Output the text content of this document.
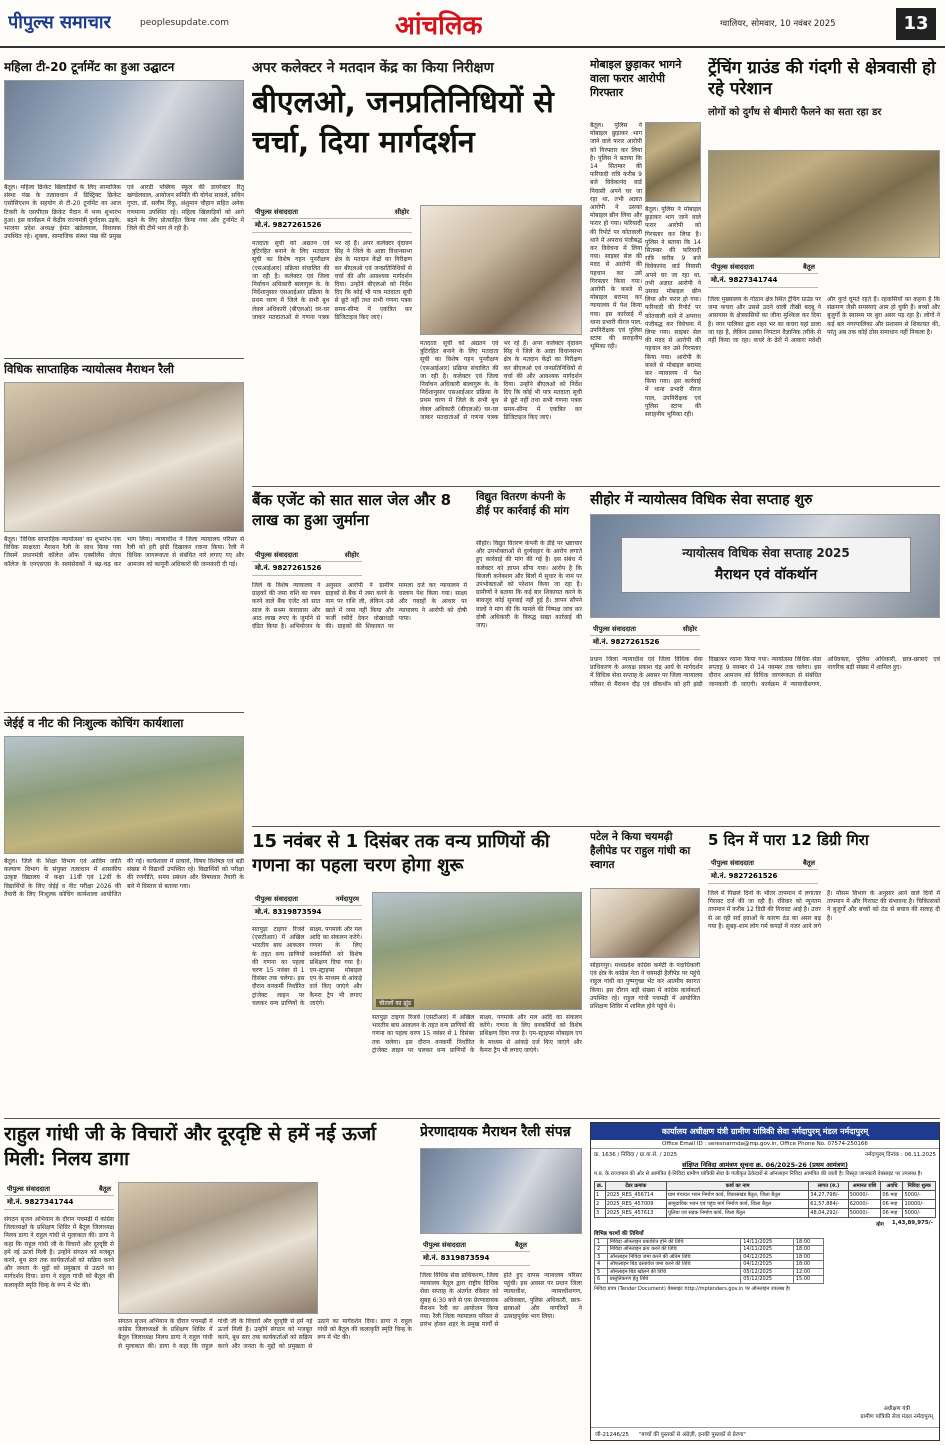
पीपुल्स समाचार	peoplesupdate.com	आंचलिक	ग्वालियर, सोमवार, 10 नवंबर 2025	13
महिला टी-20 टूर्नामेंट का हुआ उद्घाटन
बैतूल। महिला क्रिकेट खिलाड़ियों के लिए सामाजिक संस्था पंख के तत्वावधान में डिस्ट्रिक्ट क्रिकेट एसोसिएशन के सहयोग से टी-20 टूर्नामेंट का आज टिकरी के एसपीएस क्रिकेट मैदान में भव्य शुभारंभ हुआ। इस कार्यक्रम में केंद्रीय राज्यमंत्री दुर्गादास उइके, भाजपा प्रदेश अध्यक्ष हेमंत खंडेलवाल, विधायक उपस्थित रहे। शुक्ला, सामाजिक संस्था पंख की प्रमुख एवं आरडी पब्लिक स्कूल की डायरेक्टर रितु खण्डेलवाल, आयोजन समिति की योगेश सावले, सचिन गुप्ता, डॉ. सलीम रिंकू, अंशुमान चौहान सहित अनेक गणमान्य उपस्थित रहे। महिला खिलाड़ियों को आगे बढ़ने के लिए प्रोत्साहित किया गया और टूर्नामेंट में जिले की टीमें भाग ले रही हैं।
विधिक साप्ताहिक न्यायोत्सव मैराथन रैली
बैतूल। 'विधिक साप्ताहिक न्यायोत्सव' का शुभारंभ एक विधिक साक्षरता मैराथन रैली के साथ किया गया जिसमें प्रधानमंत्री कॉलेज ऑफ एक्सीलेंस जेएच कॉलेज के एनएसएस के स्वयंसेवकों ने बढ़-चढ़ कर भाग लिया। न्यायाधीश ने जिला न्यायालय परिसर से रैली को हरी झंडी दिखाकर रवाना किया। रैली में विधिक जागरूकता से संबंधित नारे लगाए गए और आमजन को कानूनी अधिकारों की जानकारी दी गई।
जेईई व नीट की निःशुल्क कोचिंग कार्यशाला
बैतूल। जिले के शिक्षा विभाग एवं आदिम जाति कल्याण विभाग के संयुक्त तत्वाधान में शासकीय उत्कृष्ट विद्यालय में कक्षा 11वीं एवं 12वीं के विद्यार्थियों के लिए जेईई व नीट परीक्षा 2026 की तैयारी के लिए निःशुल्क कोचिंग कार्यशाला आयोजित की गई। कार्यशाला में प्राचार्य, विषय विशेषज्ञ एवं बड़ी संख्या में विद्यार्थी उपस्थित रहे। विद्यार्थियों को परीक्षा की रणनीति, समय प्रबंधन और विषयवार तैयारी के बारे में विस्तार से बताया गया।
अपर कलेक्टर ने मतदान केंद्र का किया निरीक्षण
बीएलओ, जनप्रतिनिधियों से चर्चा, दिया मार्गदर्शन
पीपुल्स संवाददाता	सीहोर
मो.नं. 9827261526
मतदाता सूची को अद्यतन एवं त्रुटिरहित बनाने के लिए मतदाता सूची का विशेष गहन पुनरीक्षण (एसआईआर) प्रक्रिया संचालित की जा रही है। कलेक्टर एवं जिला निर्वाचन अधिकारी बालागुरू के. के निर्देशानुसार एसआईआर प्रक्रिया के प्रथम चरण में जिले के सभी बूथ लेवल अधिकारी (बीएलओ) घर-घर जाकर मतदाताओं से गणना पत्रक भर रहे हैं। अपर कलेक्टर वृंदावन सिंह ने जिले के आष्टा विधानसभा क्षेत्र के मतदान केंद्रों का निरीक्षण कर बीएलओ एवं जनप्रतिनिधियों से चर्चा की और आवश्यक मार्गदर्शन दिया। उन्होंने बीएलओ को निर्देश दिए कि कोई भी पात्र मतदाता सूची से छूटे नहीं तथा सभी गणना पत्रक समय-सीमा में एकत्रित कर डिजिटाइज किए जाएं।
मतदाता सूची को अद्यतन एवं त्रुटिरहित बनाने के लिए मतदाता सूची का विशेष गहन पुनरीक्षण (एसआईआर) प्रक्रिया संचालित की जा रही है। कलेक्टर एवं जिला निर्वाचन अधिकारी बालागुरू के. के निर्देशानुसार एसआईआर प्रक्रिया के प्रथम चरण में जिले के सभी बूथ लेवल अधिकारी (बीएलओ) घर-घर जाकर मतदाताओं से गणना पत्रक भर रहे हैं। अपर कलेक्टर वृंदावन सिंह ने जिले के आष्टा विधानसभा क्षेत्र के मतदान केंद्रों का निरीक्षण कर बीएलओ एवं जनप्रतिनिधियों से चर्चा की और आवश्यक मार्गदर्शन दिया। उन्होंने बीएलओ को निर्देश दिए कि कोई भी पात्र मतदाता सूची से छूटे नहीं तथा सभी गणना पत्रक समय-सीमा में एकत्रित कर डिजिटाइज किए जाएं।
मोबाइल छुड़ाकर भागने वाला फरार आरोपी गिरफ्तार
बैतूल। पुलिस ने मोबाइल छुड़ाकर भाग जाने वाले फरार आरोपी को गिरफ्तार कर लिया है। पुलिस ने बताया कि 14 सितम्बर की फरियादी रात्रि करीब 9 बजे विवेकानंद वार्ड निवासी अपने घर जा रहा था, तभी अज्ञात आरोपी ने उसका मोबाइल छीन लिया और फरार हो गया। फरियादी की रिपोर्ट पर कोतवाली थाने में अपराध पंजीबद्ध कर विवेचना में लिया गया। साइबर सेल की मदद से आरोपी की पहचान कर उसे गिरफ्तार किया गया। आरोपी के कब्जे से मोबाइल बरामद कर न्यायालय में पेश किया गया। इस कार्रवाई में थाना प्रभारी नीरज पाल, उपनिरीक्षक एवं पुलिस स्टाफ की सराहनीय भूमिका रही।
बैतूल। पुलिस ने मोबाइल छुड़ाकर भाग जाने वाले फरार आरोपी को गिरफ्तार कर लिया है। पुलिस ने बताया कि 14 सितम्बर की फरियादी रात्रि करीब 9 बजे विवेकानंद वार्ड निवासी अपने घर जा रहा था, तभी अज्ञात आरोपी ने उसका मोबाइल छीन लिया और फरार हो गया। फरियादी की रिपोर्ट पर कोतवाली थाने में अपराध पंजीबद्ध कर विवेचना में लिया गया। साइबर सेल की मदद से आरोपी की पहचान कर उसे गिरफ्तार किया गया। आरोपी के कब्जे से मोबाइल बरामद कर न्यायालय में पेश किया गया। इस कार्रवाई में थाना प्रभारी नीरज पाल, उपनिरीक्षक एवं पुलिस स्टाफ की सराहनीय भूमिका रही।
ट्रेंचिंग ग्राउंड की गंदगी से क्षेत्रवासी हो रहे परेशान
लोगों को दुर्गंध से बीमारी फैलने का सता रहा डर
पीपुल्स संवाददाता	बैतूल
मो.नं. 9827341744
जिला मुख्यालय के गोठान क्षेत्र स्थित ट्रेंचिंग ग्राउंड पर जमा कचरा और उससे उठने वाली तीखी बदबू ने आसपास के क्षेत्रवासियों का जीना मुश्किल कर दिया है। नगर पालिका द्वारा शहर भर का कचरा यहां डाला जा रहा है, लेकिन उसका निपटान वैज्ञानिक तरीके से नहीं किया जा रहा। कचरे के ढेरों में आवारा मवेशी और कुत्ते घूमते रहते हैं। रहवासियों का कहना है कि संक्रमण जैसी समस्याएं आम हो चुकी हैं। बच्चों और बुजुर्गों के स्वास्थ्य पर बुरा असर पड़ रहा है। लोगों ने कई बार नगरपालिका और प्रशासन से शिकायत की, परंतु अब तक कोई ठोस समाधान नहीं निकला है।
बैंक एजेंट को सात साल जेल और 8 लाख का हुआ जुर्माना
पीपुल्स संवाददाता	सीहोर
मो.नं. 9827261526
जिले के विशेष न्यायालय ने ग्राहकों की जमा राशि का गबन करने वाले बैंक एजेंट को सात साल के सश्रम कारावास और आठ लाख रुपए के जुर्माने से दंडित किया है। अभियोजन के अनुसार आरोपी ने ग्रामीण ग्राहकों से बैंक में जमा करने के नाम पर राशि ली, लेकिन उसे खाते में जमा नहीं किया और फर्जी रसीदें देकर धोखाधड़ी की। ग्राहकों की शिकायत पर मामला दर्ज कर न्यायालय में चालान पेश किया गया। साक्ष्य और गवाहों के आधार पर न्यायालय ने आरोपी को दोषी पाया।
विद्युत वितरण कंपनी के डीई पर कार्रवाई की मांग
सीहोर। विद्युत वितरण कंपनी के डीई पर भ्रष्टाचार और उपभोक्ताओं से दुर्व्यवहार के आरोप लगाते हुए कार्रवाई की मांग की गई है। इस संबंध में कलेक्टर को ज्ञापन सौंपा गया। आरोप है कि बिजली कनेक्शन और बिलों में सुधार के नाम पर उपभोक्ताओं को परेशान किया जा रहा है। ग्रामीणों ने बताया कि कई बार शिकायत करने के बावजूद कोई सुनवाई नहीं हुई है। ज्ञापन सौंपने वालों ने मांग की कि मामले की निष्पक्ष जांच कर दोषी अधिकारी के विरुद्ध सख्त कार्रवाई की जाए।
सीहोर में न्यायोत्सव विधिक सेवा सप्ताह शुरु
न्यायोत्सव विधिक सेवा सप्ताह 2025
मैराथन एवं वॉकथॉन
पीपुल्स संवाददाता	सीहोर
मो.नं. 9827261526
प्रधान जिला न्यायाधीश एवं जिला विधिक सेवा प्राधिकरण के अध्यक्ष प्रकाश चंद्र आर्य के मार्गदर्शन में विधिक सेवा सप्ताह के अवसर पर जिला न्यायालय परिसर से मैराथन दौड़ एवं वॉकथॉन को हरी झंडी दिखाकर रवाना किया गया। न्यायोत्सव विधिक सेवा सप्ताह 9 नवम्बर से 14 नवम्बर तक चलेगा। इस दौरान आमजन को विधिक जागरूकता से संबंधित जानकारी दी जाएगी। कार्यक्रम में न्यायाधीशगण, अधिवक्ता, पुलिस अधिकारी, छात्र-छात्राएं एवं नागरिक बड़ी संख्या में शामिल हुए।
15 नवंबर से 1 दिसंबर तक वन्य प्राणियों की गणना का पहला चरण होगा शुरू
पीपुल्स संवाददाता	नर्मदापुरम
मो.नं. 8319873594
चीतलों का झुंड
सतपुड़ा टाइगर रिजर्व (एसटीआर) में अखिल भारतीय बाघ आकलन के तहत वन्य प्राणियों की गणना का पहला चरण 15 नवंबर से 1 दिसंबर तक चलेगा। इस दौरान वनकर्मी निर्धारित ट्रांजेक्ट लाइन पर चलकर वन्य प्राणियों के साक्ष्य, पगमार्क और मल आदि का संकलन करेंगे। गणना के लिए वनकर्मियों को विशेष प्रशिक्षण दिया गया है। एम-स्ट्राइप्स मोबाइल एप के माध्यम से आंकड़े दर्ज किए जाएंगे और कैमरा ट्रैप भी लगाए जाएंगे।
सतपुड़ा टाइगर रिजर्व (एसटीआर) में अखिल भारतीय बाघ आकलन के तहत वन्य प्राणियों की गणना का पहला चरण 15 नवंबर से 1 दिसंबर तक चलेगा। इस दौरान वनकर्मी निर्धारित ट्रांजेक्ट लाइन पर चलकर वन्य प्राणियों के साक्ष्य, पगमार्क और मल आदि का संकलन करेंगे। गणना के लिए वनकर्मियों को विशेष प्रशिक्षण दिया गया है। एम-स्ट्राइप्स मोबाइल एप के माध्यम से आंकड़े दर्ज किए जाएंगे और कैमरा ट्रैप भी लगाए जाएंगे।
पटेल ने किया चयमढ़ी हैलीपेड पर राहुल गांधी का स्वागत
सोहागपुर। मध्यप्रदेश कांग्रेस कमेटी के पदाधिकारी एवं क्षेत्र के कांग्रेस नेता ने चयमढ़ी हैलीपेड पर पहुंचे राहुल गांधी का पुष्पगुच्छ भेंट कर आत्मीय स्वागत किया। इस दौरान बड़ी संख्या में कांग्रेस कार्यकर्ता उपस्थित रहे। राहुल गांधी पचमढ़ी में आयोजित प्रशिक्षण शिविर में शामिल होने पहुंचे थे।
5 दिन में पारा 12 डिग्री गिरा
पीपुल्स संवाददाता	बैतूल
मो.नं. 9827261526
जिले में पिछले दिनों के भीतर तापमान में लगातार गिरावट दर्ज की जा रही है। रविवार को न्यूनतम तापमान में करीब 12 डिग्री की गिरावट आई है। उत्तर से आ रही सर्द हवाओं के कारण ठंड का असर बढ़ गया है। सुबह-शाम लोग गर्म कपड़ों में नजर आने लगे हैं। मौसम विभाग के अनुसार आने वाले दिनों में तापमान में और गिरावट की संभावना है। चिकित्सकों ने बुजुर्गों और बच्चों को ठंड से बचाव की सलाह दी है।
राहुल गांधी जी के विचारों और दूरदृष्टि से हमें नई ऊर्जा मिली: निलय डागा
पीपुल्स संवाददाता	बैतूल
मो.नं. 9827341744
संगठन सृजन अभियान के दौरान पचमढ़ी में कांग्रेस जिलाध्यक्षों के प्रशिक्षण शिविर में बैतूल जिलाध्यक्ष निलय डागा ने राहुल गांधी से मुलाकात की। डागा ने कहा कि राहुल गांधी जी के विचारों और दूरदृष्टि से हमें नई ऊर्जा मिली है। उन्होंने संगठन को मजबूत करने, बूथ स्तर तक कार्यकर्ताओं को सक्रिय करने और जनता के मुद्दों को प्रमुखता से उठाने का मार्गदर्शन दिया। डागा ने राहुल गांधी को बैतूल की कलाकृति स्मृति चिन्ह के रूप में भेंट की।
संगठन सृजन अभियान के दौरान पचमढ़ी में कांग्रेस जिलाध्यक्षों के प्रशिक्षण शिविर में बैतूल जिलाध्यक्ष निलय डागा ने राहुल गांधी से मुलाकात की। डागा ने कहा कि राहुल गांधी जी के विचारों और दूरदृष्टि से हमें नई ऊर्जा मिली है। उन्होंने संगठन को मजबूत करने, बूथ स्तर तक कार्यकर्ताओं को सक्रिय करने और जनता के मुद्दों को प्रमुखता से उठाने का मार्गदर्शन दिया। डागा ने राहुल गांधी को बैतूल की कलाकृति स्मृति चिन्ह के रूप में भेंट की।
प्रेरणादायक मैराथन रैली संपन्न
पीपुल्स संवाददाता	बैतूल
मो.नं. 8319873594
जिला विधिक सेवा प्राधिकरण, जिला न्यायालय बैतूल द्वारा राष्ट्रीय विधिक सेवा सप्ताह के अंतर्गत रविवार को सुबह 6:30 बजे से एक प्रेरणादायक मैराथन रैली का आयोजन किया गया। रैली जिला न्यायालय परिसर से प्रारंभ होकर शहर के प्रमुख मार्गों से होते हुए वापस न्यायालय परिसर पहुंची। इस अवसर पर प्रधान जिला न्यायाधीश, न्यायाधीशगण, अधिवक्ता, पुलिस अधिकारी, छात्र-छात्राओं और नागरिकों ने उत्साहपूर्वक भाग लिया।
कार्यालय अधीक्षण यंत्री ग्रामीण यांत्रिकी सेवा नर्मदापुरम् मंडल नर्मदापुरम्
Office Email ID : seresnarmda@mp.gov.in, Office Phone No. 07574-250166
क्र. 1636 / निविदा / ग्रा.या.से. / 2025	नर्मदापुरम् दिनांक : 06.11.2025
संक्षिप्त निविदा आमंत्रण सूचना क्र. 06/2025-26 (प्रथम आमंत्रण)
म.प्र. के राज्यपाल की ओर से आमंत्रित ई-निविदा ग्रामीण यांत्रिकी सेवा के पंजीकृत ठेकेदारों से ऑनलाइन निविदा आमंत्रित की जाती है। विस्तृत जानकारी वेबसाइट पर उपलब्ध है।
क्र.	टेंडर क्रमांक	कार्य का नाम	लागत (रु.)	अमानत राशि	अवधि	निविदा शुल्क
1	2025_RES_456714	ग्राम पंचायत भवन निर्माण कार्य, विकासखंड बैतूल, जिला बैतूल	34,27,798/-	50000/-	06 माह	5000/-
2	2025_RES_457009	सामुदायिक भवन एवं पहुंच मार्ग निर्माण कार्य, जिला बैतूल	61,57,884/-	62000/-	06 माह	10000/-
3	2025_RES_457613	पुलिया एवं सड़क निर्माण कार्य, जिला बैतूल	48,04,292/-	50000/-	06 माह	5000/-
योग 1,43,89,975/-
विभिन्न चरणों की तिथियाँ
1	निविदा ऑनलाइन प्रकाशित होने की तिथि	14/11/2025	18:00
2	निविदा ऑनलाइन क्रय करने की तिथि	14/11/2025	18:00
3	ऑनलाइन निविदा जमा करने की अंतिम तिथि	04/12/2025	18:00
4	ऑफलाइन बिड दस्तावेज जमा करने की तिथि	04/12/2025	18:00
5	ऑनलाइन बिड खोलने की तिथि	05/12/2025	12:00
6	प्रस्तुतिकरण हेतु तिथि	05/12/2025	15:00
निविदा प्रपत्र (Tender Document) वेबसाइट http://mptenders.gov.in पर ऑनलाइन उपलब्ध है।
अधीक्षण यंत्री
ग्रामीण यांत्रिकी सेवा मंडल नर्मदापुरम्
जी-21246/25 "बच्चों की पुस्तकों से अंग्रेज़ी, इनकी पुस्तकों से प्रेरणा"
